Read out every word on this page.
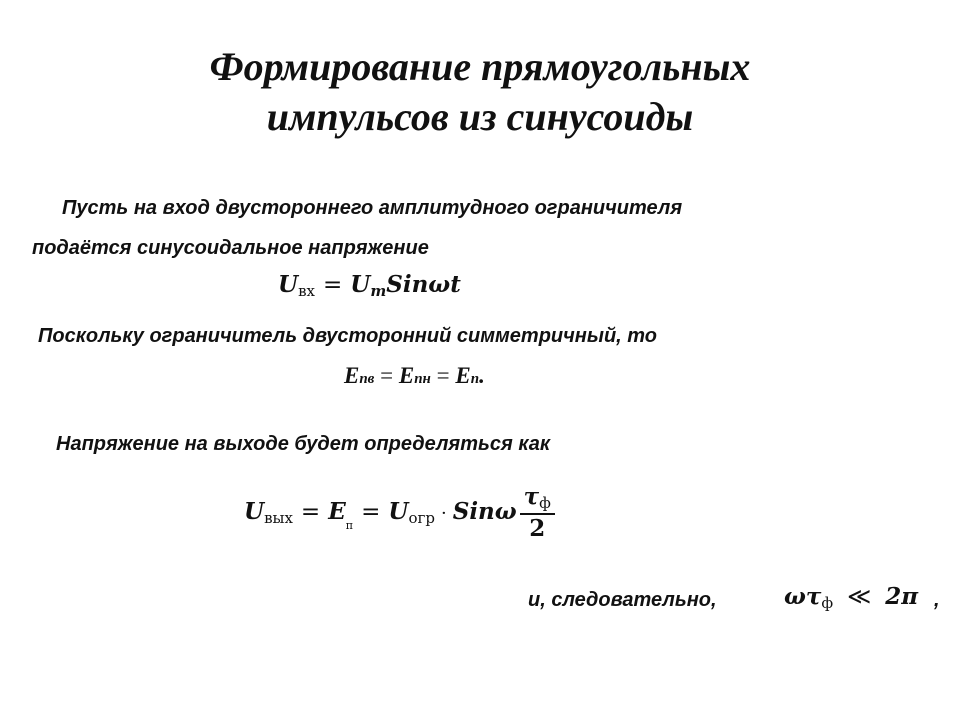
Формирование прямоугольных
импульсов из синусоиды
Пусть на вход двустороннего амплитудного ограничителя
подаётся синусоидальное напряжение
Uвх = UmSinωt
Поскольку ограничитель двусторонний симметричный, то
Eпв = Eпн = Eп.
Напряжение на выходе будет определяться как
Uвых = $E_п$ = Uогр · Sinω $\frac{\tau ф}{2}$
и, следовательно,	ωτф ≪ 2π ,
